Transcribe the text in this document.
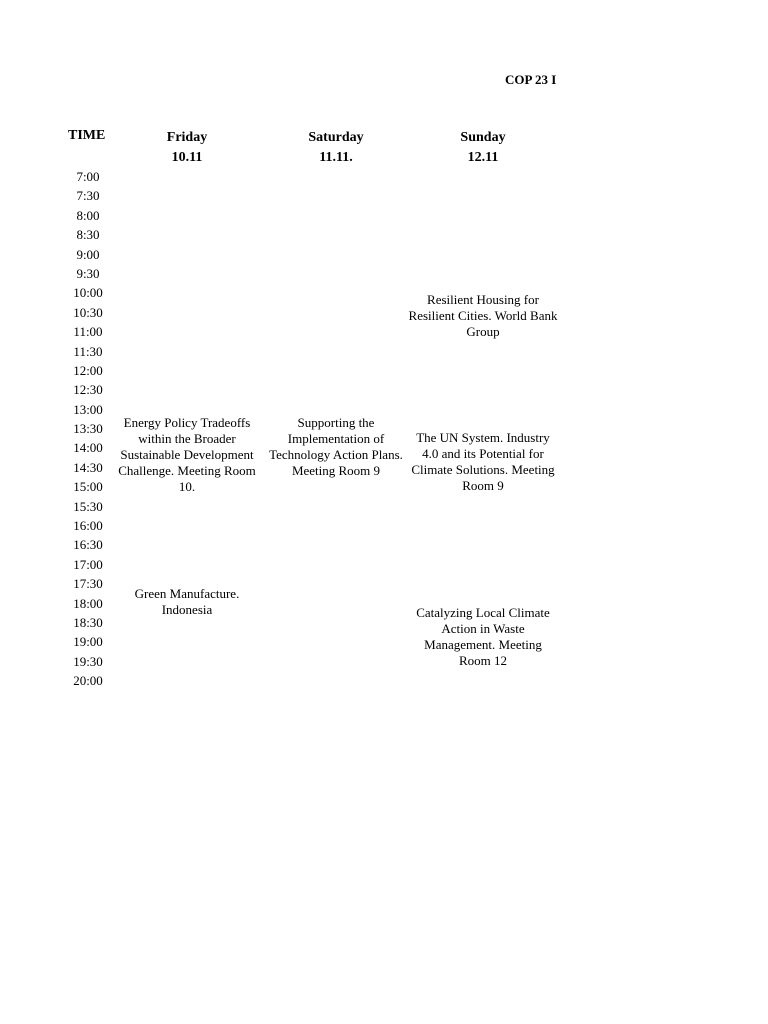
COP 23 I
TIME	Friday
10.11
Saturday
11.11.
Sunday
12.11
7:00
7:30
8:00
8:30
9:00
9:30
10:00
10:30
11:00
11:30
12:00
12:30
13:00
13:30
14:00
14:30
15:00
15:30
16:00
16:30
17:00
17:30
18:00
18:30
19:00
19:30
20:00
Resilient Housing for Resilient Cities. World Bank Group
Energy Policy Tradeoffs within the Broader Sustainable Development Challenge. Meeting Room 10.
Supporting the Implementation of Technology Action Plans. Meeting Room 9
The UN System. Industry 4.0 and its Potential for Climate Solutions. Meeting Room 9
Green Manufacture. Indonesia	Catalyzing Local Climate Action in Waste Management. Meeting Room 12
